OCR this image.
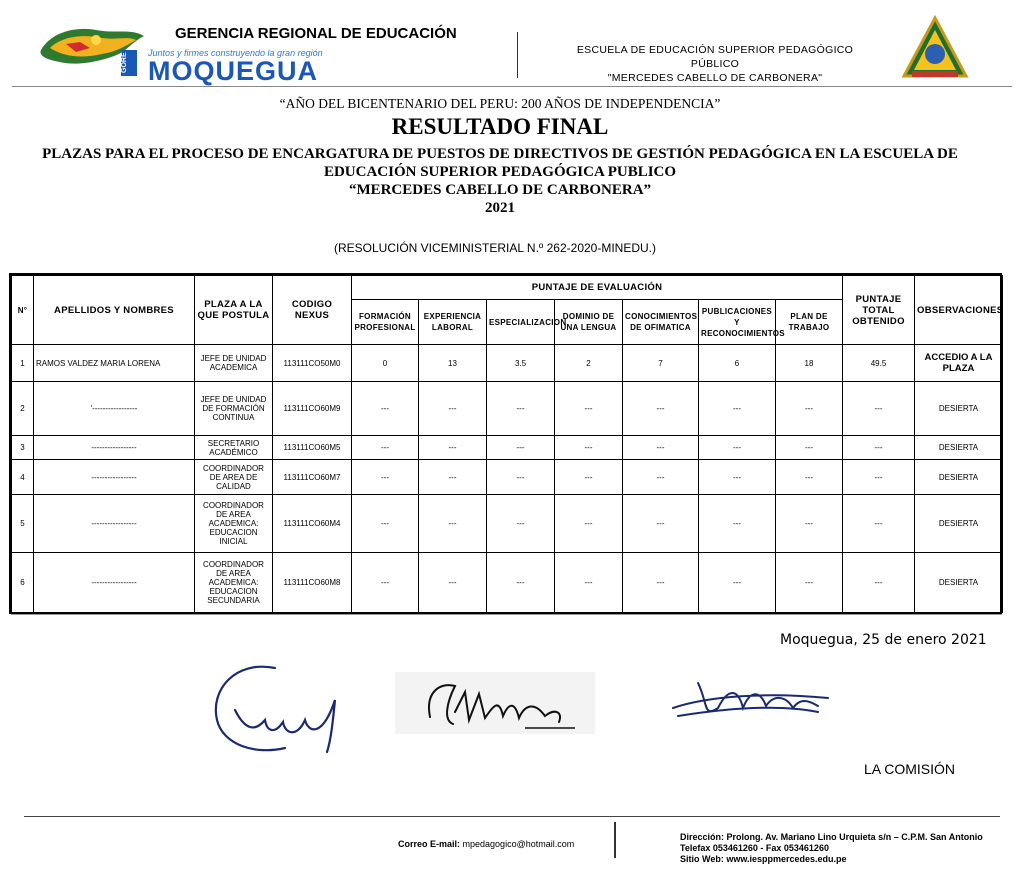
GORE
GERENCIA REGIONAL DE EDUCACIÓN
Juntos y firmes construyendo la gran región
MOQUEGUA
ESCUELA DE EDUCACIÓN SUPERIOR PEDAGÓGICO PÚBLICO
"MERCEDES CABELLO DE CARBONERA"
“AÑO DEL BICENTENARIO DEL PERU: 200 AÑOS DE INDEPENDENCIA”
RESULTADO FINAL
PLAZAS PARA EL PROCESO DE ENCARGATURA DE PUESTOS DE DIRECTIVOS DE GESTIÓN PEDAGÓGICA EN LA ESCUELA DE
EDUCACIÓN SUPERIOR PEDAGÓGICA PUBLICO
“MERCEDES CABELLO DE CARBONERA”
2021
(RESOLUCIÓN VICEMINISTERIAL N.º 262-2020-MINEDU.)
N°	APELLIDOS Y NOMBRES	PLAZA A LA QUE POSTULA	CODIGO NEXUS	PUNTAJE DE EVALUACIÓN							PUNTAJE TOTAL OBTENIDO	OBSERVACIONES
				FORMACIÓN PROFESIONAL	EXPERIENCIA LABORAL	ESPECIALIZACION	DOMINIO DE UNA LENGUA	CONOCIMIENTOS DE OFIMATICA	PUBLICACIONES Y RECONOCIMIENTOS	PLAN DE TRABAJO		
1	RAMOS VALDEZ MARIA LORENA	JEFE DE UNIDAD ACADEMICA	113111CO50M0	0	13	3.5	2	7	6	18	49.5	ACCEDIO A LA PLAZA
2	'-----------------	JEFE DE UNIDAD DE FORMACIÓN CONTINUA	113111CO60M9	---	---	---	---	---	---	---	---	DESIERTA
3	-----------------	SECRETARIO ACADÉMICO	113111CO60M5	---	---	---	---	---	---	---	---	DESIERTA
4	-----------------	COORDINADOR DE AREA DE CALIDAD	113111CO60M7	---	---	---	---	---	---	---	---	DESIERTA
5	-----------------	COORDINADOR DE AREA ACADEMICA: EDUCACION INICIAL	113111CO60M4	---	---	---	---	---	---	---	---	DESIERTA
6	-----------------	COORDINADOR DE AREA ACADEMICA: EDUCACION SECUNDARIA	113111CO60M8	---	---	---	---	---	---	---	---	DESIERTA
Moquegua, 25 de enero 2021
LA COMISIÓN
Correo E-mail: mpedagogico@hotmail.com
Dirección: Prolong. Av. Mariano Lino Urquieta s/n – C.P.M. San Antonio
Telefax 053461260 - Fax 053461260
Sitio Web: www.iesppmercedes.edu.pe
